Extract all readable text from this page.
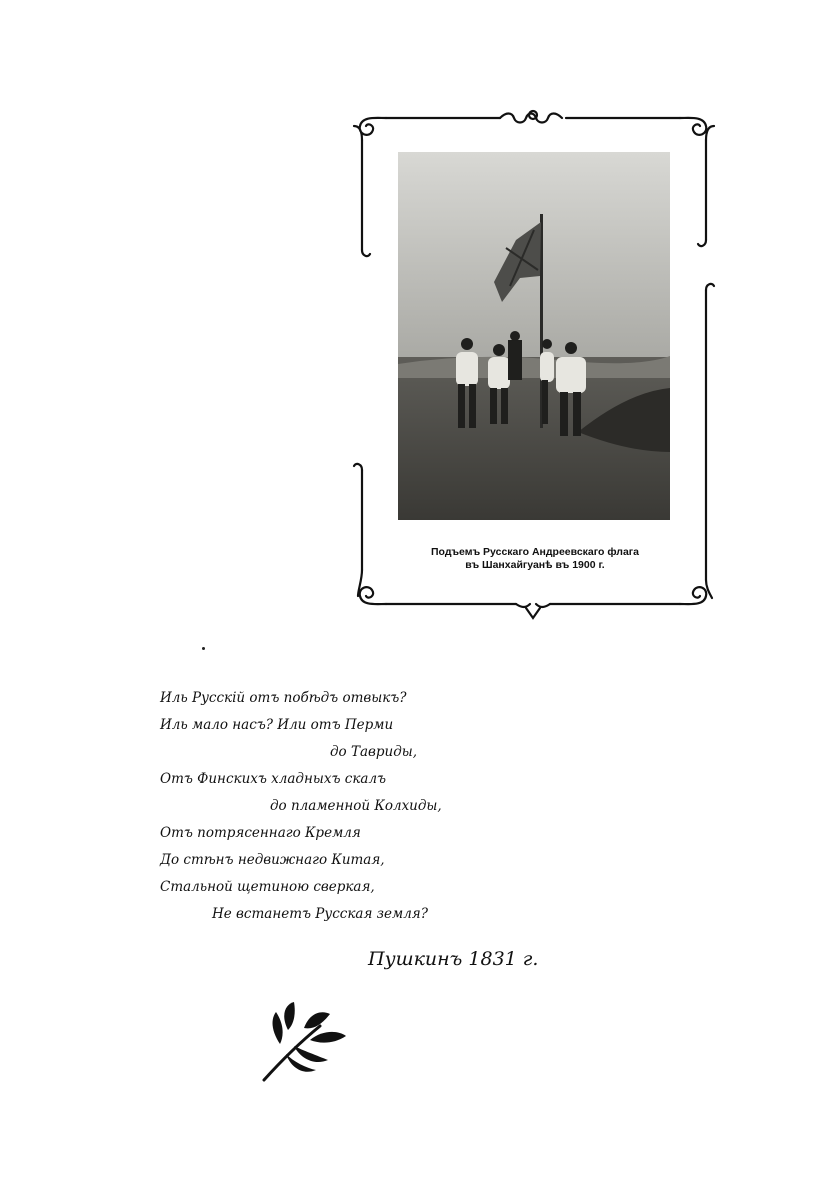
Подъемъ Русскаго Андреевскаго флага
въ Шанхайгуанѣ въ 1900 г.
Иль Русскій отъ побѣдъ отвыкъ?
Иль мало насъ? Или отъ Перми
до Тавриды,
Отъ Финскихъ хладныхъ скалъ
до пламенной Колхиды,
Отъ потрясеннаго Кремля
До стѣнъ недвижнаго Китая,
Стальной щетиною сверкая,
Не встанетъ Русская земля?
Пушкинъ 1831 г.
